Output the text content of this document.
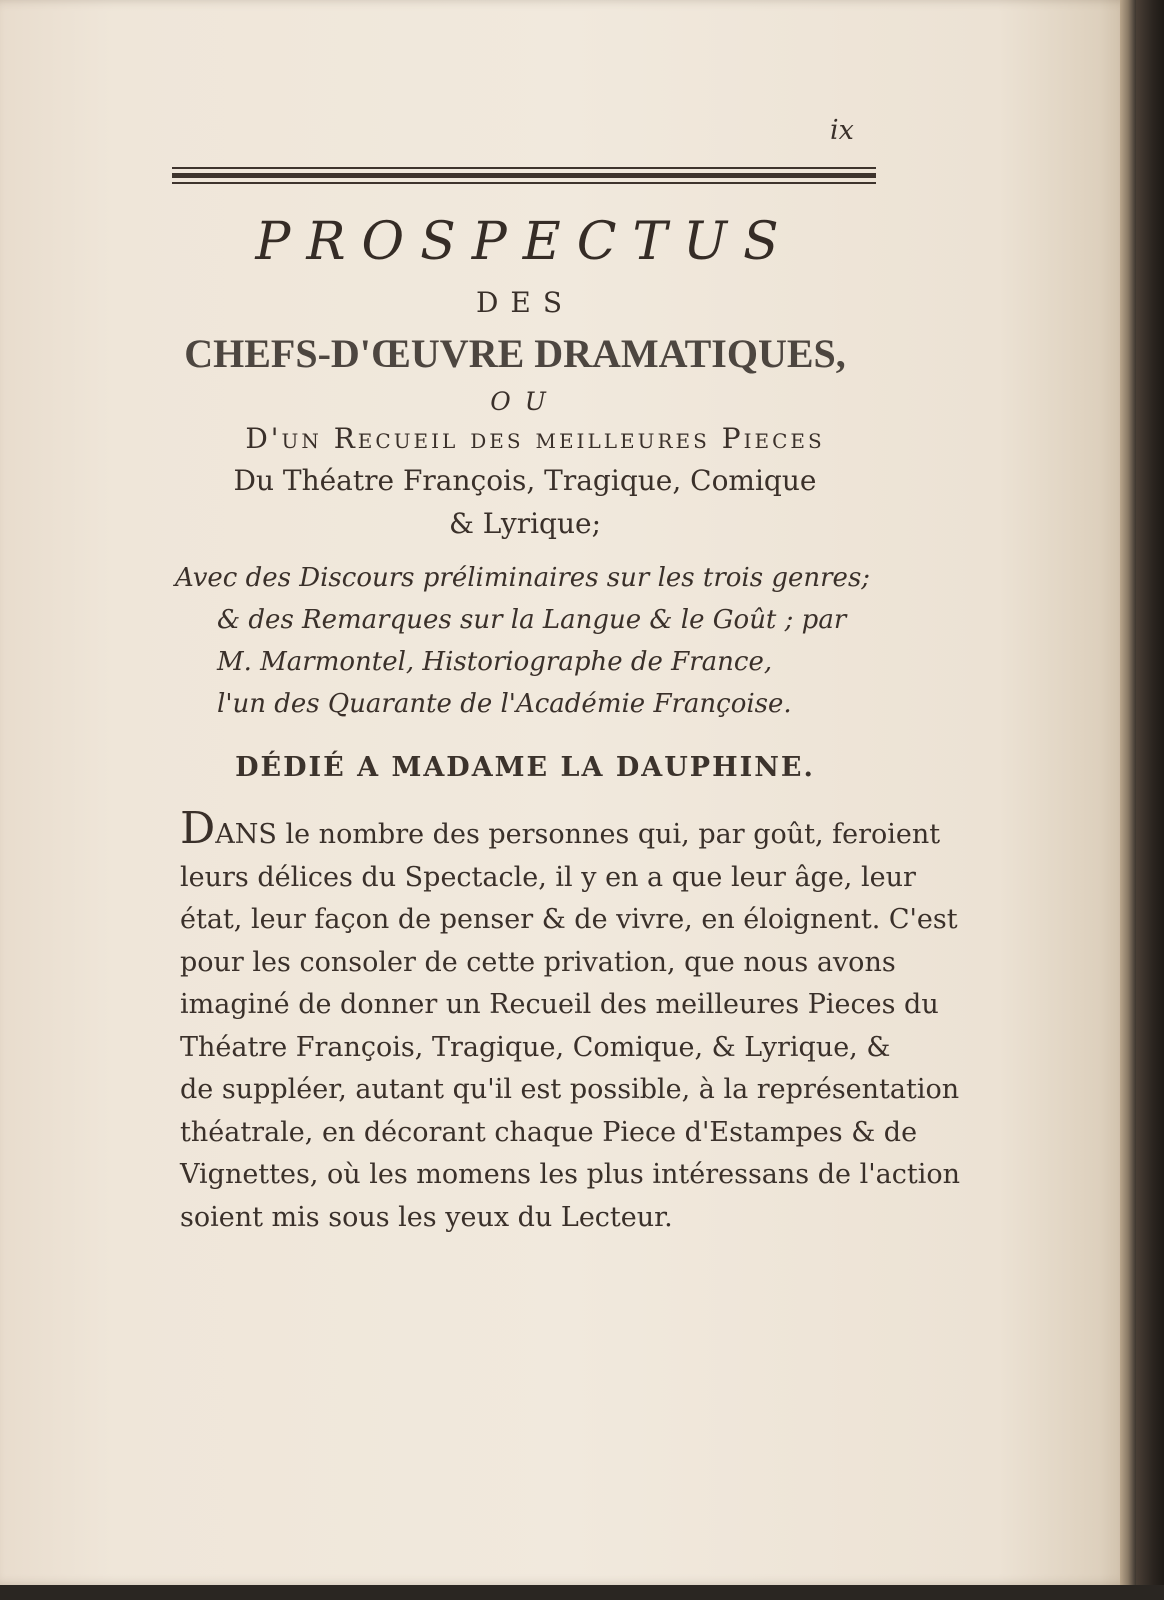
ix
PROSPECTUS
DES
CHEFS-D'ŒUVRE DRAMATIQUES,
OU
D'un Recueil des meilleures Pieces
Du Théatre François, Tragique, Comique
& Lyrique;
Avec des Discours préliminaires sur les trois genres;
& des Remarques sur la Langue & le Goût ; par
M. Marmontel, Historiographe de France,
l'un des Quarante de l'Académie Françoise.
DÉDIÉ A MADAME LA DAUPHINE.
DANS le nombre des personnes qui, par goût, feroient
leurs délices du Spectacle, il y en a que leur âge, leur
état, leur façon de penser & de vivre, en éloignent. C'est
pour les consoler de cette privation, que nous avons
imaginé de donner un Recueil des meilleures Pieces du
Théatre François, Tragique, Comique, & Lyrique, &
de suppléer, autant qu'il est possible, à la représentation
théatrale, en décorant chaque Piece d'Estampes & de
Vignettes, où les momens les plus intéressans de l'action
soient mis sous les yeux du Lecteur.
